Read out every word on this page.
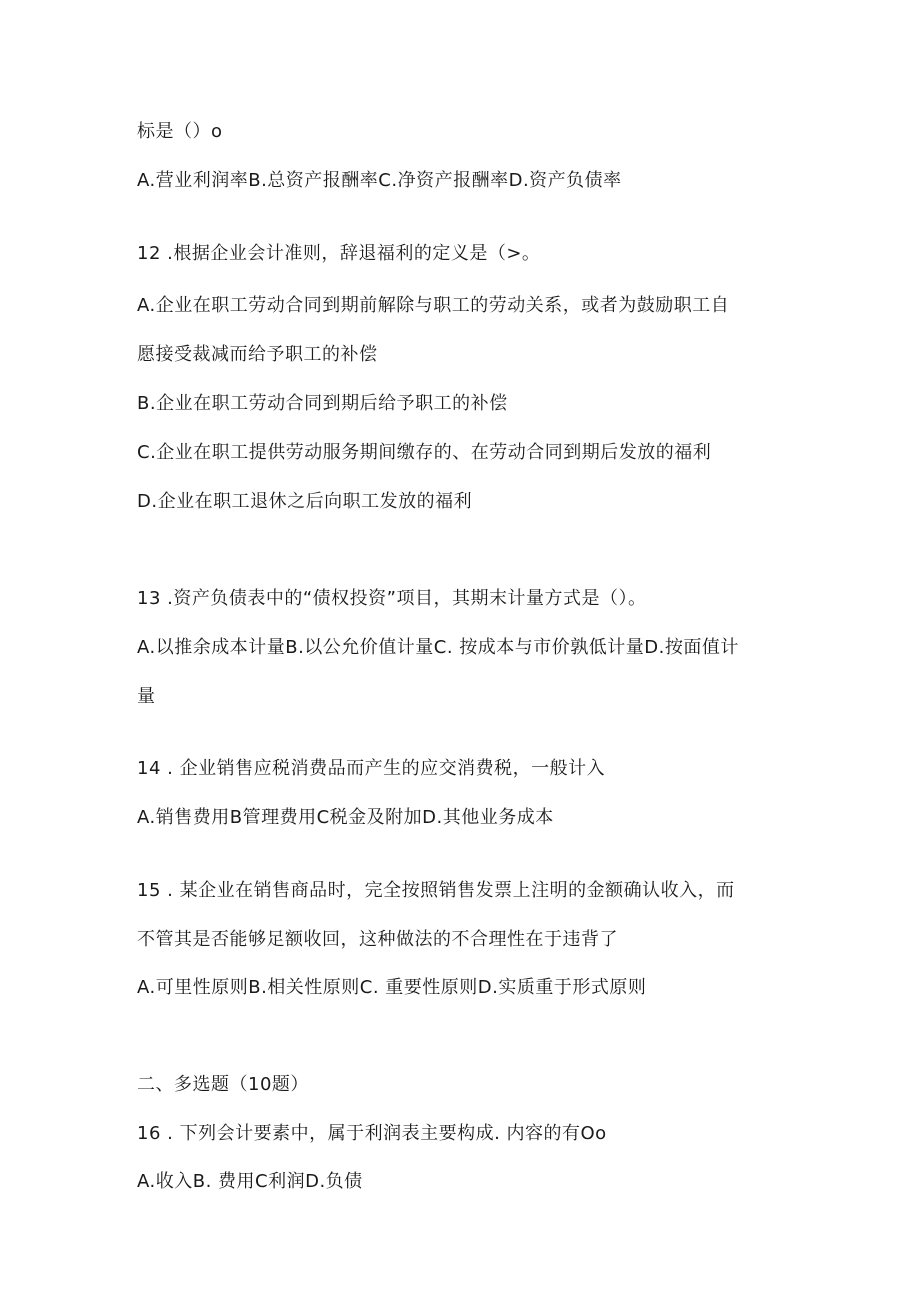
标是（）o
A.营业利润率B.总资产报酬率C.净资产报酬率D.资产负债率
12 .根据企业会计准则，辞退福利的定义是（>。
A.企业在职工劳动合同到期前解除与职工的劳动关系，或者为鼓励职工自
愿接受裁减而给予职工的补偿
B.企业在职工劳动合同到期后给予职工的补偿
C.企业在职工提供劳动服务期间缴存的、在劳动合同到期后发放的福利
D.企业在职工退休之后向职工发放的福利
13 .资产负债表中的“债权投资”项目，其期末计量方式是（）。
A.以推余成本计量B.以公允价值计量C. 按成本与市价孰低计量D.按面值计
量
14 . 企业销售应税消费品而产生的应交消费税，一般计入
A.销售费用B管理费用C税金及附加D.其他业务成本
15 . 某企业在销售商品时，完全按照销售发票上注明的金额确认收入，而
不管其是否能够足额收回，这种做法的不合理性在于违背了
A.可里性原则B.相关性原则C. 重要性原则D.实质重于形式原则
二、多选题（10题）
16 . 下列会计要素中，属于利润表主要构成. 内容的有Oo
A.收入B. 费用C利润D.负债
